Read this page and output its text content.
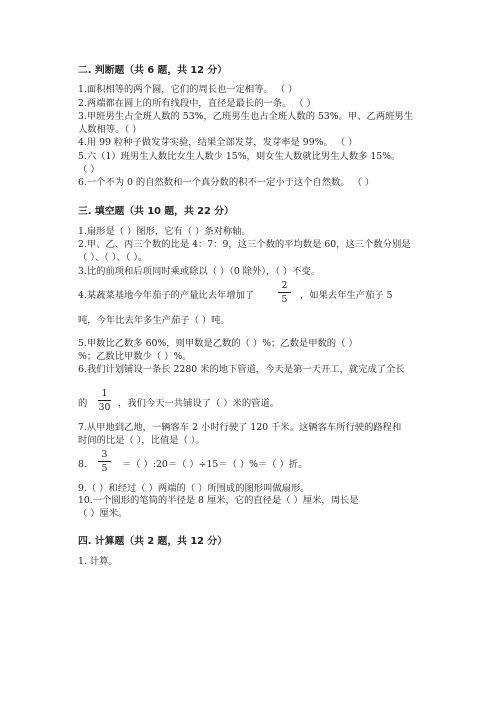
二. 判断题（共 6 题，共 12 分）
1.面积相等的两个圆，它们的周长也一定相等。 （ ）
2.两端都在圆上的所有线段中，直径是最长的一条。 （ ）
3.甲班男生占全班人数的 53%，乙班男生也占全班人数的 53%。甲、乙两班男生
人数相等。（ ）
4.用 99 粒种子做发芽实验，结果全部发芽，发芽率是 99%。 （ ）
5.六（1）班男生人数比女生人数少 15%，则女生人数就比男生人数多 15%。
（ ）
6.一个不为 0 的自然数和一个真分数的积不一定小于这个自然数。 （ ）
三. 填空题（共 10 题，共 22 分）
1.扇形是（ ）图形，它有（ ）条对称轴。
2.甲、乙、丙三个数的比是 4：7：9，这三个数的平均数是 60，这三个数分别是
（ ）、（ ）、（ ）。
3.比的前项和后项同时乘或除以（ ）（0 除外），（ ）不变。
4.某蔬菜基地今年茄子的产量比去年增加了
2
5 ，如果去年生产茄子 5
吨，今年比去年多生产茄子（ ）吨。
5.甲数比乙数多 60%，则甲数是乙数的（ ）%；乙数是甲数的（ ）
%；乙数比甲数少（ ）%。
6.我们计划铺设一条长 2280 米的地下管道，今天是第一天开工，就完成了全长
的
1
30 ，我们今天一共铺设了（ ）米的管道。
7.从甲地到乙地，一辆客车 2 小时行驶了 120 千米。这辆客车所行驶的路程和
时间的比是（ ），比值是（ ）。
8.
3
5 ＝（ ）:20＝（ ）÷15＝（ ）%＝（ ）折。
9.（ ）和经过（ ）两端的（ ）所围成的图形叫做扇形。
10.一个圆形的笔筒的半径是 8 厘米，它的直径是（ ）厘米，周长是
（ ）厘米。
四. 计算题（共 2 题，共 12 分）
1. 计算。
